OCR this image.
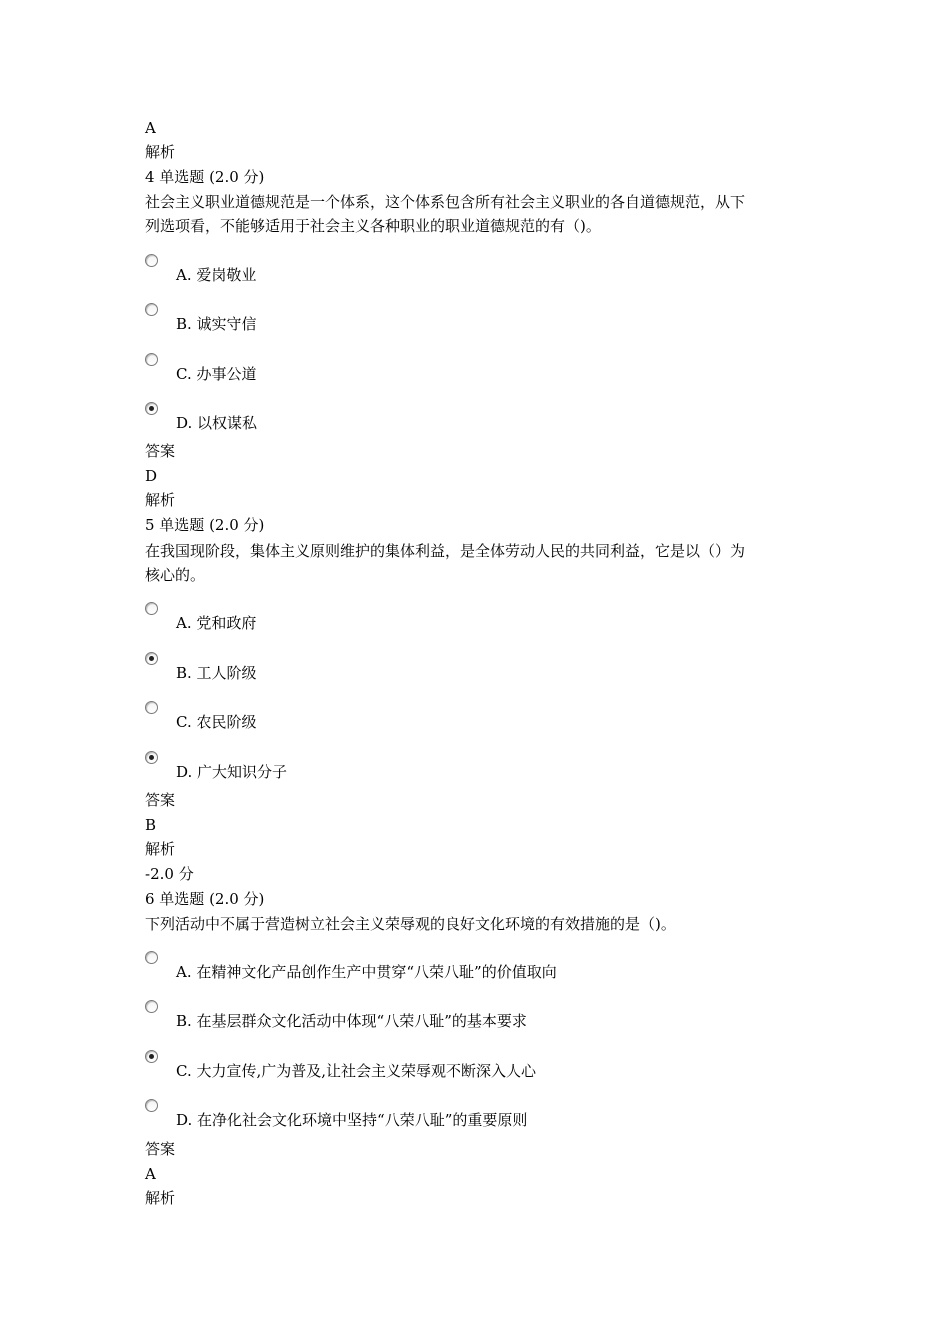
A
解析
4 单选题 (2.0 分)
社会主义职业道德规范是一个体系，这个体系包含所有社会主义职业的各自道德规范，从下
列选项看，不能够适用于社会主义各种职业的职业道德规范的有（)。
A. 爱岗敬业
B. 诚实守信
C. 办事公道
D. 以权谋私
答案
D
解析
5 单选题 (2.0 分)
在我国现阶段，集体主义原则维护的集体利益，是全体劳动人民的共同利益，它是以（）为
核心的。
A. 党和政府
B. 工人阶级
C. 农民阶级
D. 广大知识分子
答案
B
解析
-2.0 分
6 单选题 (2.0 分)
下列活动中不属于营造树立社会主义荣辱观的良好文化环境的有效措施的是（)。
A. 在精神文化产品创作生产中贯穿“八荣八耻”的价值取向
B. 在基层群众文化活动中体现“八荣八耻”的基本要求
C. 大力宣传,广为普及,让社会主义荣辱观不断深入人心
D. 在净化社会文化环境中坚持“八荣八耻”的重要原则
答案
A
解析
